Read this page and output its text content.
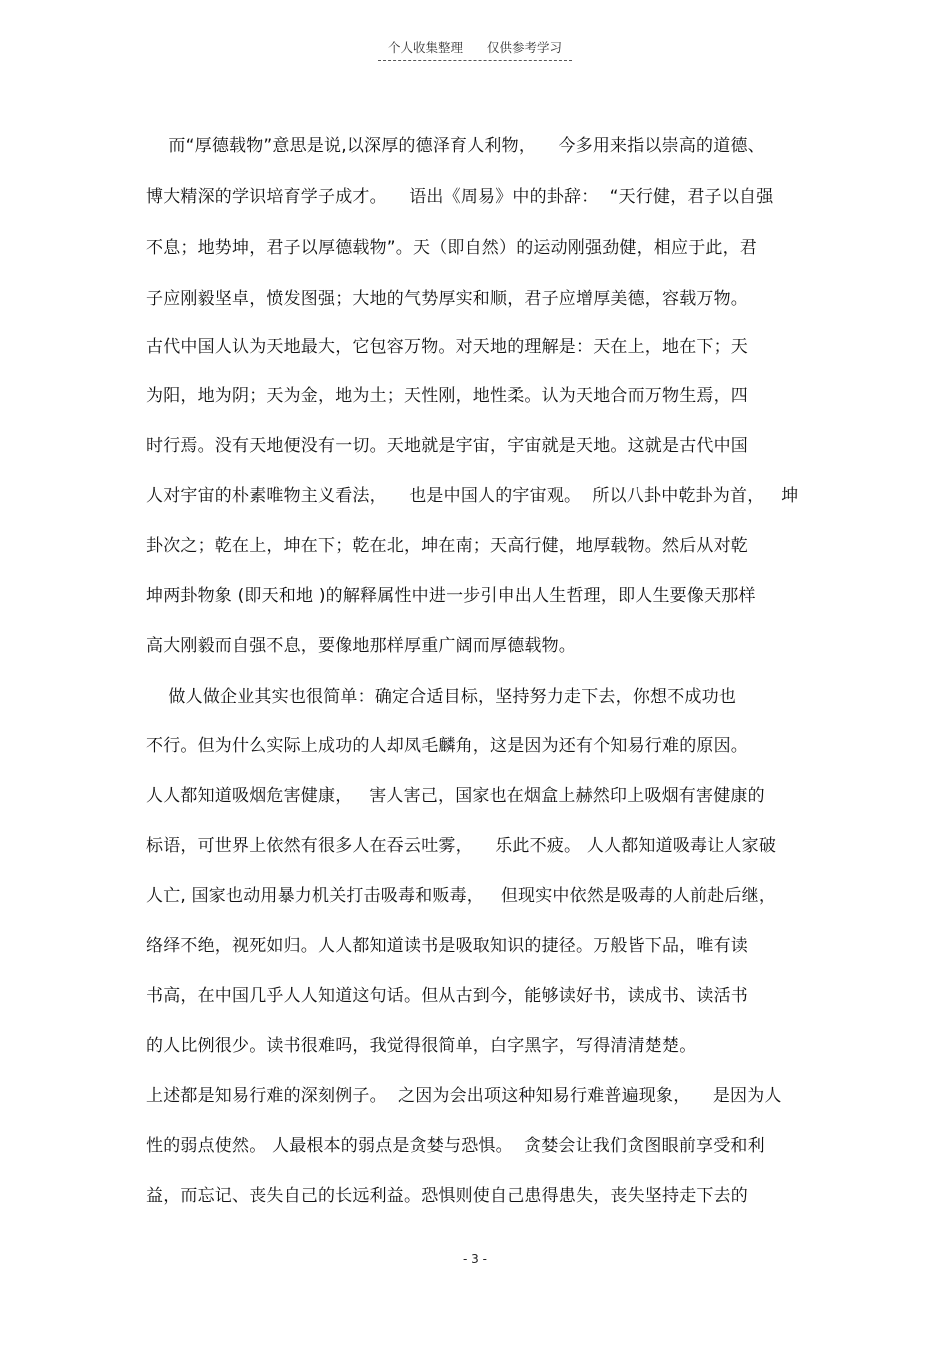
个人收集整理 仅供参考学习
而“厚德载物”意思是说,以深厚的德泽育人利物，    今多用来指以崇高的道德、
博大精深的学识培育学子成才。    语出《周易》中的卦辞：  “天行健，君子以自强
不息；地势坤，君子以厚德载物”。天（即自然）的运动刚强劲健，相应于此，君
子应刚毅坚卓，愤发图强；大地的气势厚实和顺，君子应增厚美德，容载万物。
古代中国人认为天地最大，它包容万物。对天地的理解是：天在上，地在下；天
为阳，地为阴；天为金，地为土；天性刚，地性柔。认为天地合而万物生焉，四
时行焉。没有天地便没有一切。天地就是宇宙，宇宙就是天地。这就是古代中国
人对宇宙的朴素唯物主义看法，    也是中国人的宇宙观。  所以八卦中乾卦为首，   坤
卦次之；乾在上，坤在下；乾在北，坤在南；天高行健，地厚载物。然后从对乾
坤两卦物象 (即天和地 )的解释属性中进一步引申出人生哲理，即人生要像天那样
高大刚毅而自强不息，要像地那样厚重广阔而厚德载物。
做人做企业其实也很简单：确定合适目标，坚持努力走下去，你想不成功也
不行。但为什么实际上成功的人却凤毛麟角，这是因为还有个知易行难的原因。
人人都知道吸烟危害健康，   害人害己，国家也在烟盒上赫然印上吸烟有害健康的
标语，可世界上依然有很多人在吞云吐雾，    乐此不疲。 人人都知道吸毒让人家破
人亡, 国家也动用暴力机关打击吸毒和贩毒，   但现实中依然是吸毒的人前赴后继，
络绎不绝，视死如归。人人都知道读书是吸取知识的捷径。万般皆下品，唯有读
书高，在中国几乎人人知道这句话。但从古到今，能够读好书，读成书、读活书
的人比例很少。读书很难吗，我觉得很简单，白字黑字，写得清清楚楚。
上述都是知易行难的深刻例子。  之因为会出项这种知易行难普遍现象，    是因为人
性的弱点使然。 人最根本的弱点是贪婪与恐惧。  贪婪会让我们贪图眼前享受和利
益，而忘记、丧失自己的长远利益。恐惧则使自己患得患失，丧失坚持走下去的
- 3 -
